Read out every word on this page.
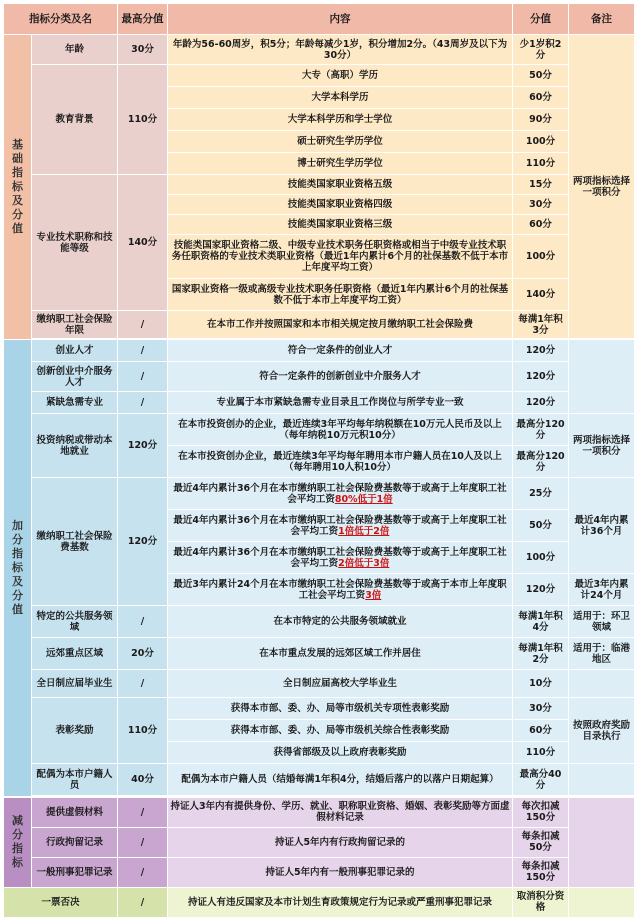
指标分类及名		最高分值	内容	分值	备注

基础指标及分值	年龄	30分	年龄为56-60周岁，积5分；年龄每减少1岁，积分增加2分。（43周岁及以下为30分）	少1岁积2分	两项指标选择一项积分
	教育背景	110分	大专（高职）学历	50分	
			大学本科学历	60分	
			大学本科学历和学士学位	90分	
			硕士研究生学历学位	100分	
			博士研究生学历学位	110分	
	专业技术职称和技能等级	140分	技能类国家职业资格五级	15分	
			技能类国家职业资格四级	30分	
			技能类国家职业资格三级	60分	
			技能类国家职业资格二级、中级专业技术职务任职资格或相当于中级专业技术职务任职资格的专业技术类职业资格（最近1年内累计6个月的社保基数不低于本市上年度平均工资）	100分	
			国家职业资格一级或高级专业技术职务任职资格（最近1年内累计6个月的社保基数不低于本市上年度平均工资）	140分	
	缴纳职工社会保险年限	/	在本市工作并按照国家和本市相关规定按月缴纳职工社会保险费	每满1年积3分	

加分指标及分值	创业人才	/	符合一定条件的创业人才	120分	
	创新创业中介服务人才	/	符合一定条件的创新创业中介服务人才	120分	
	紧缺急需专业	/	专业属于本市紧缺急需专业目录且工作岗位与所学专业一致	120分	
	投资纳税或带动本地就业	120分	在本市投资创办的企业，最近连续3年平均每年纳税额在10万元人民币及以上（每年纳税10万元积10分）	最高分120分	两项指标选择一项积分
			在本市投资创办企业，最近连续3年平均每年聘用本市户籍人员在10人及以上（每年聘用10人积10分）	最高分120分	
	缴纳职工社会保险费基数	120分	最近4年内累计36个月在本市缴纳职工社会保险费基数等于或高于上年度职工社会平均工资80%低于1倍	25分	最近4年内累计36个月
			最近4年内累计36个月在本市缴纳职工社会保险费基数等于或高于上年度职工社会平均工资1倍低于2倍	50分	
			最近4年内累计36个月在本市缴纳职工社会保险费基数等于或高于上年度职工社会平均工资2倍低于3倍	100分	
			最近3年内累计24个月在本市缴纳职工社会保险费基数等于或高于本市上年度职工社会平均工资3倍	120分	最近3年内累计24个月
	特定的公共服务领域	/	在本市特定的公共服务领域就业	每满1年积4分	适用于：环卫领域
	远郊重点区域	20分	在本市重点发展的远郊区域工作并居住	每满1年积2分	适用于：临港地区
	全日制应届毕业生	/	全日制应届高校大学毕业生	10分	
	表彰奖励	110分	获得本市部、委、办、局等市级机关专项性表彰奖励	30分	按照政府奖励目录执行
			获得本市部、委、办、局等市级机关综合性表彰奖励	60分	
			获得省部级及以上政府表彰奖励	110分	
	配偶为本市户籍人员	40分	配偶为本市户籍人员（结婚每满1年积4分，结婚后落户的以落户日期起算）	最高分40分	

减分指标	提供虚假材料	/	持证人3年内有提供身份、学历、就业、职称职业资格、婚姻、表彰奖励等方面虚假材料记录	每次扣减150分	
	行政拘留记录	/	持证人5年内有行政拘留记录的	每条扣减50分	
	一般刑事犯罪记录	/	持证人5年内有一般刑事犯罪记录的	每条扣减150分	
一票否决		/	持证人有违反国家及本市计划生育政策规定行为记录或严重刑事犯罪记录	取消积分资格	
